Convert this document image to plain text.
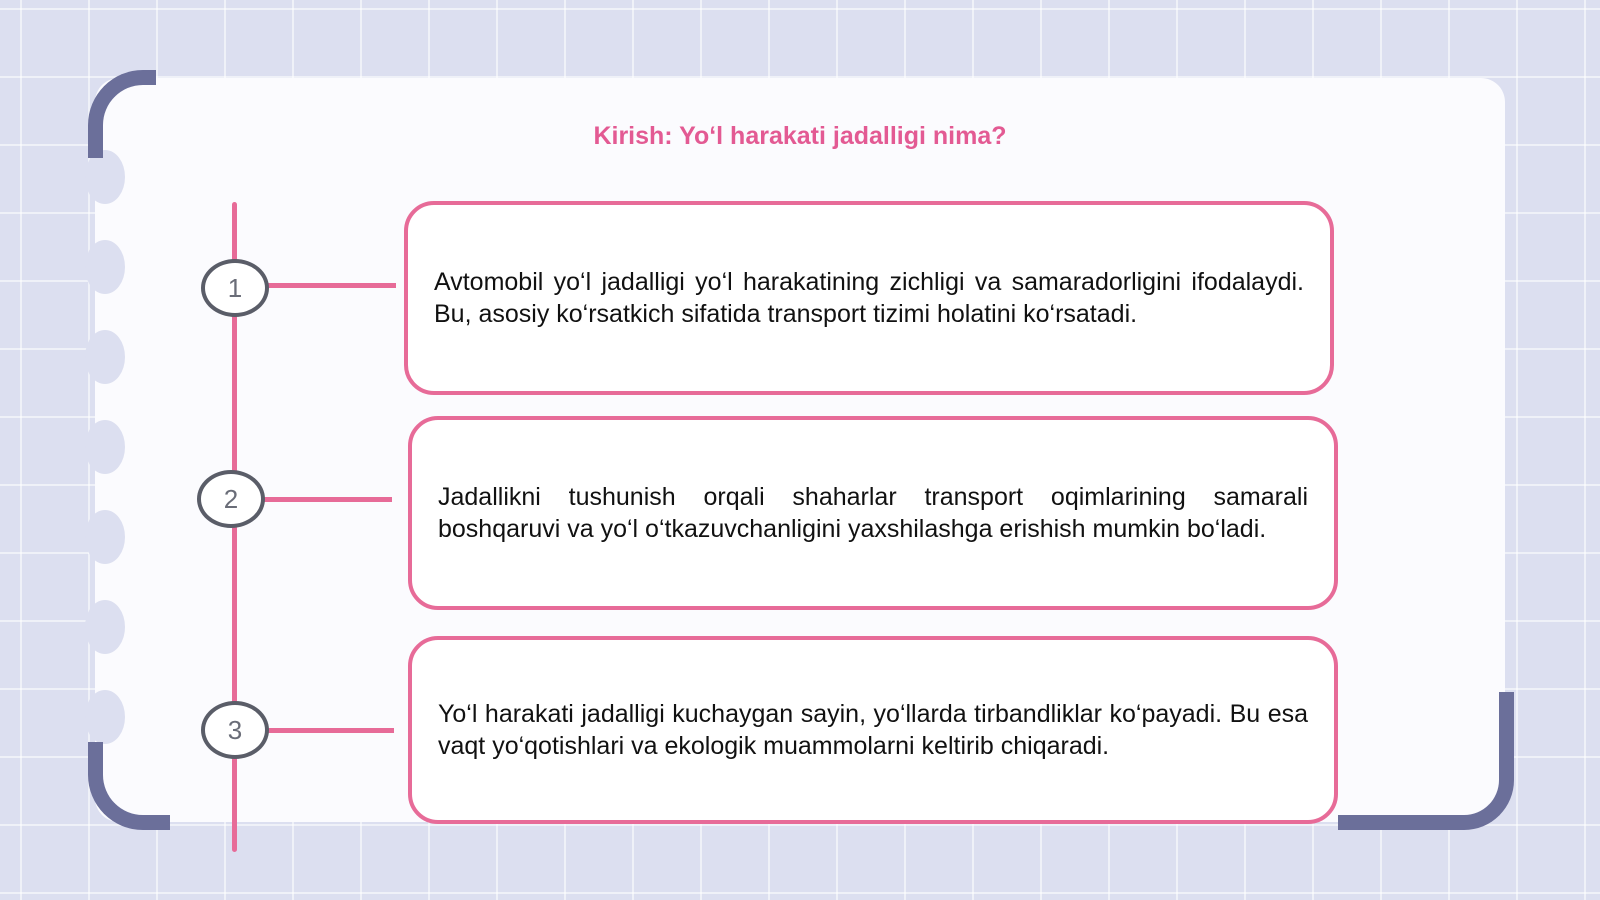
Kirish: Yo‘l harakati jadalligi nima?
1
2
3

Avtomobil yo‘l jadalligi yo‘l harakatining zichligi va samaradorligini ifodalaydi. Bu, asosiy ko‘rsatkich sifatida transport tizimi holatini ko‘rsatadi.

Jadallikni tushunish orqali shaharlar transport oqimlarining samarali boshqaruvi va yo‘l o‘tkazuvchanligini yaxshilashga erishish mumkin bo‘ladi.

Yo‘l harakati jadalligi kuchaygan sayin, yo‘llarda tirbandliklar ko‘payadi. Bu esa vaqt yo‘qotishlari va ekologik muammolarni keltirib chiqaradi.
